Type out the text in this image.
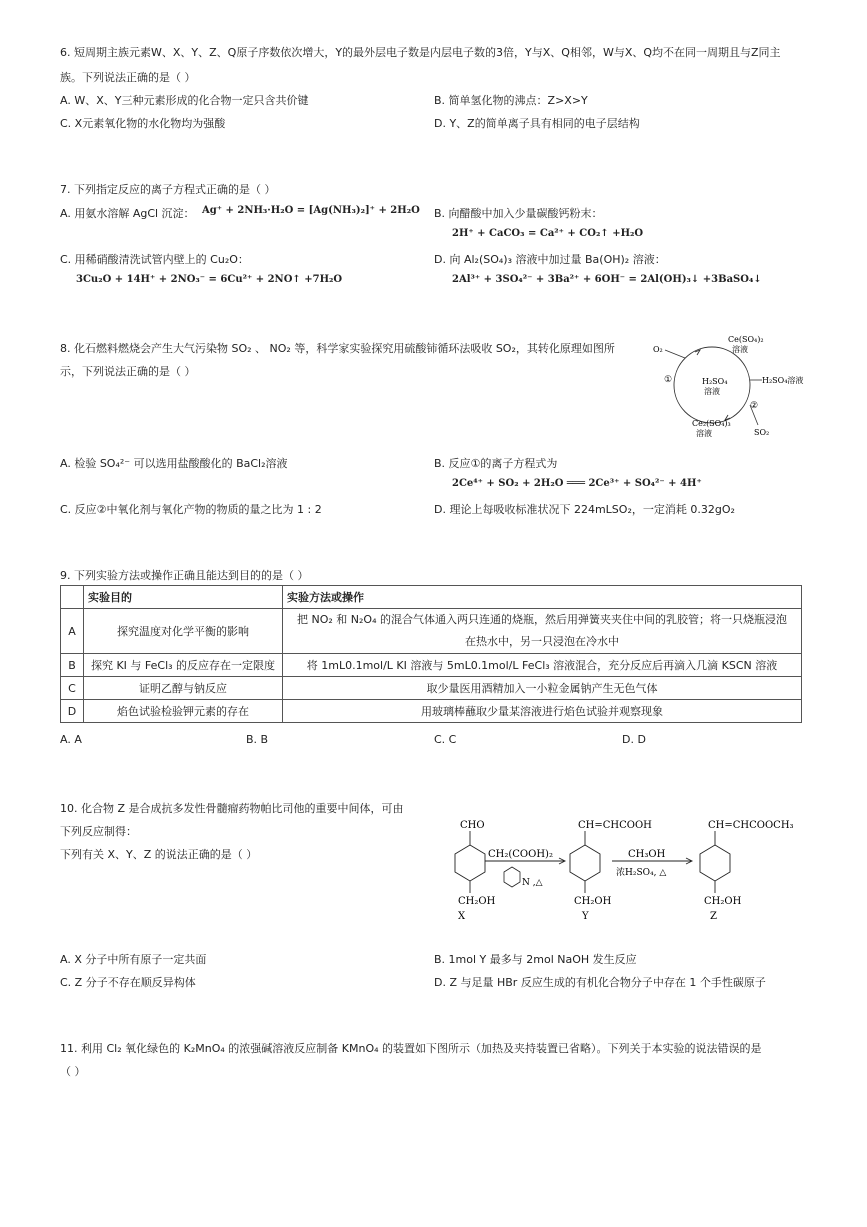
6. 短周期主族元素W、X、Y、Z、Q原子序数依次增大，Y的最外层电子数是内层电子数的3倍，Y与X、Q相邻，W与X、Q均不在同一周期且与Z同主
族。下列说法正确的是（ ）
A. W、X、Y三种元素形成的化合物一定只含共价键	B. 简单氢化物的沸点：Z>X>Y
C. X元素氧化物的水化物均为强酸	D. Y、Z的简单离子具有相同的电子层结构
7. 下列指定反应的离子方程式正确的是（ ）
A. 用氨水溶解 AgCl 沉淀： Ag⁺ + 2NH₃·H₂O = [Ag(NH₃)₂]⁺ + 2H₂O B. 向醋酸中加入少量碳酸钙粉末：
2H⁺ + CaCO₃ = Ca²⁺ + CO₂↑ +H₂O
C. 用稀硝酸清洗试管内壁上的 Cu₂O：
3Cu₂O + 14H⁺ + 2NO₃⁻ = 6Cu²⁺ + 2NO↑ +7H₂O
D. 向 Al₂(SO₄)₃ 溶液中加过量 Ba(OH)₂ 溶液：
2Al³⁺ + 3SO₄²⁻ + 3Ba²⁺ + 6OH⁻ = 2Al(OH)₃↓ +3BaSO₄↓
8. 化石燃料燃烧会产生大气污染物 SO₂ 、 NO₂ 等，科学家实验探究用硫酸铈循环法吸收 SO₂，其转化原理如图所
示，下列说法正确的是（ ）
Ce(SO₄)₂
溶液
O₂
H₂SO₄
溶液
H₂SO₄溶液
Ce₂(SO₄)₃
溶液	SO₂
①
②
A. 检验 SO₄²⁻ 可以选用盐酸酸化的 BaCl₂溶液	B. 反应①的离子方程式为
2Ce⁴⁺ + SO₂ + 2H₂O ═══ 2Ce³⁺ + SO₄²⁻ + 4H⁺
C. 反应②中氧化剂与氧化产物的物质的量之比为 1 : 2	D. 理论上每吸收标准状况下 224mLSO₂，一定消耗 0.32gO₂
9. 下列实验方法或操作正确且能达到目的的是（ ）
	实验目的	实验方法或操作
A	探究温度对化学平衡的影响	把 NO₂ 和 N₂O₄ 的混合气体通入两只连通的烧瓶，然后用弹簧夹夹住中间的乳胶管；将一只烧瓶浸泡
在热水中，另一只浸泡在冷水中

B	探究 KI 与 FeCl₃ 的反应存在一定限度	将 1mL0.1mol/L KI 溶液与 5mL0.1mol/L FeCl₃ 溶液混合，充分反应后再滴入几滴 KSCN 溶液
C	证明乙醇与钠反应	取少量医用酒精加入一小粒金属钠产生无色气体
D	焰色试验检验钾元素的存在	用玻璃棒蘸取少量某溶液进行焰色试验并观察现象
A. A	B. B	C. C	D. D
10. 化合物 Z 是合成抗多发性骨髓瘤药物帕比司他的重要中间体，可由
下列反应制得：
下列有关 X、Y、Z 的说法正确的是（ ）
CHO
CH₂OH
X
CH₂(COOH)₂
N ,△
CH=CHCOOH
CH₂OH
Y
CH₃OH
浓H₂SO₄, △
CH=CHCOOCH₃
CH₂OH
Z
A. X 分子中所有原子一定共面	B. 1mol Y 最多与 2mol NaOH 发生反应
C. Z 分子不存在顺反异构体	D. Z 与足量 HBr 反应生成的有机化合物分子中存在 1 个手性碳原子
11. 利用 Cl₂ 氧化绿色的 K₂MnO₄ 的浓强碱溶液反应制备 KMnO₄ 的装置如下图所示（加热及夹持装置已省略）。下列关于本实验的说法错误的是
（ ）
